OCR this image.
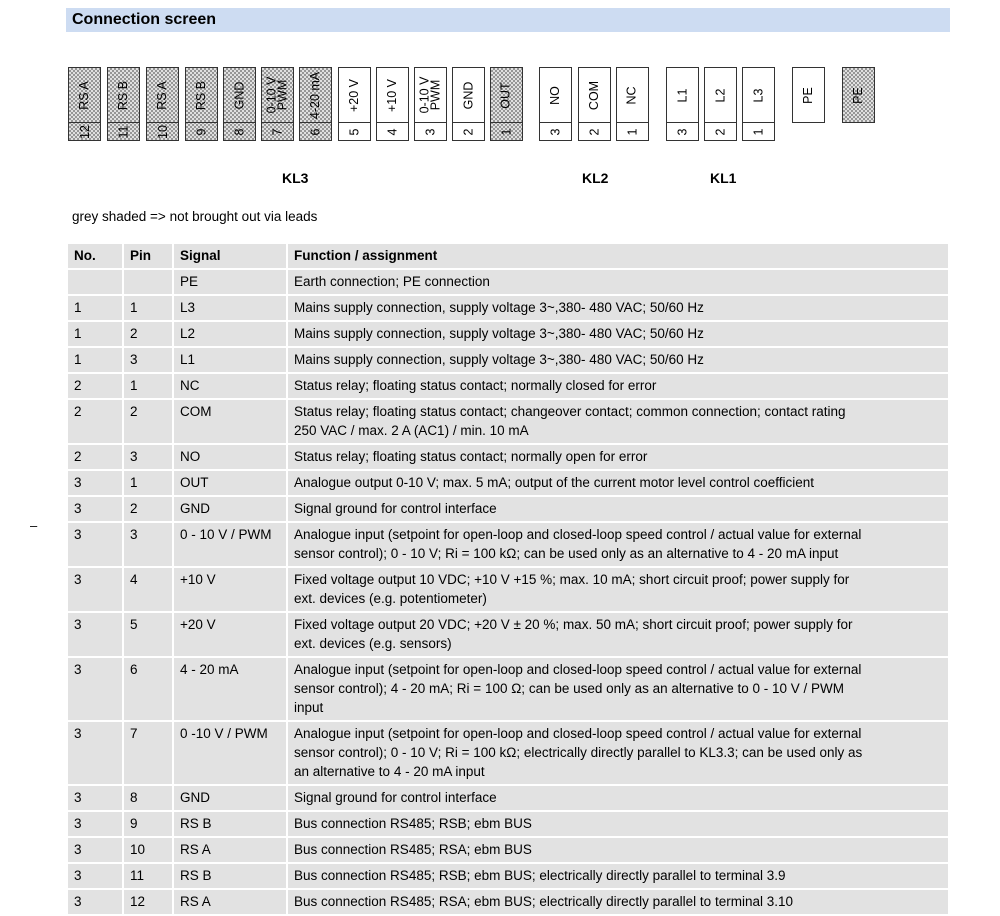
Connection screen
RS A
12
RS B
11
RS A
10
RS B
9
GND
8
0-10 V
PWM
7
4-20 mA
6
+20 V
5
+10 V
4
0-10 V
PWM
3
GND
2
OUT
1
NO
3
COM
2
NC
1
L1
3
L2
2
L3
1
PE	PE
KL3	KL2	KL1
grey shaded => not brought out via leads
–
No.	Pin	Signal	Function / assignment
		PE	Earth connection; PE connection
1	1	L3	Mains supply connection, supply voltage 3~,380- 480 VAC; 50/60 Hz
1	2	L2	Mains supply connection, supply voltage 3~,380- 480 VAC; 50/60 Hz
1	3	L1	Mains supply connection, supply voltage 3~,380- 480 VAC; 50/60 Hz
2	1	NC	Status relay; floating status contact; normally closed for error
2	2	COM	Status relay; floating status contact; changeover contact; common connection; contact rating 250 VAC / max. 2 A (AC1) / min. 10 mA
2	3	NO	Status relay; floating status contact; normally open for error
3	1	OUT	Analogue output 0-10 V; max. 5 mA; output of the current motor level control coefficient
3	2	GND	Signal ground for control interface
3	3	0 - 10 V / PWM	Analogue input (setpoint for open-loop and closed-loop speed control / actual value for external sensor control); 0 - 10 V; Ri = 100 kΩ; can be used only as an alternative to 4 - 20 mA input
3	4	+10 V	Fixed voltage output 10 VDC; +10 V +15 %; max. 10 mA; short circuit proof; power supply for ext. devices (e.g. potentiometer)
3	5	+20 V	Fixed voltage output 20 VDC; +20 V ± 20 %; max. 50 mA; short circuit proof; power supply for ext. devices (e.g. sensors)
3	6	4 - 20 mA	Analogue input (setpoint for open-loop and closed-loop speed control / actual value for external sensor control); 4 - 20 mA; Ri = 100 Ω; can be used only as an alternative to 0 - 10 V / PWM input
3	7	0 -10 V / PWM	Analogue input (setpoint for open-loop and closed-loop speed control / actual value for external sensor control); 0 - 10 V; Ri = 100 kΩ; electrically directly parallel to KL3.3; can be used only as an alternative to 4 - 20 mA input
3	8	GND	Signal ground for control interface
3	9	RS B	Bus connection RS485; RSB; ebm BUS
3	10	RS A	Bus connection RS485; RSA; ebm BUS
3	11	RS B	Bus connection RS485; RSB; ebm BUS; electrically directly parallel to terminal 3.9
3	12	RS A	Bus connection RS485; RSA; ebm BUS; electrically directly parallel to terminal 3.10
